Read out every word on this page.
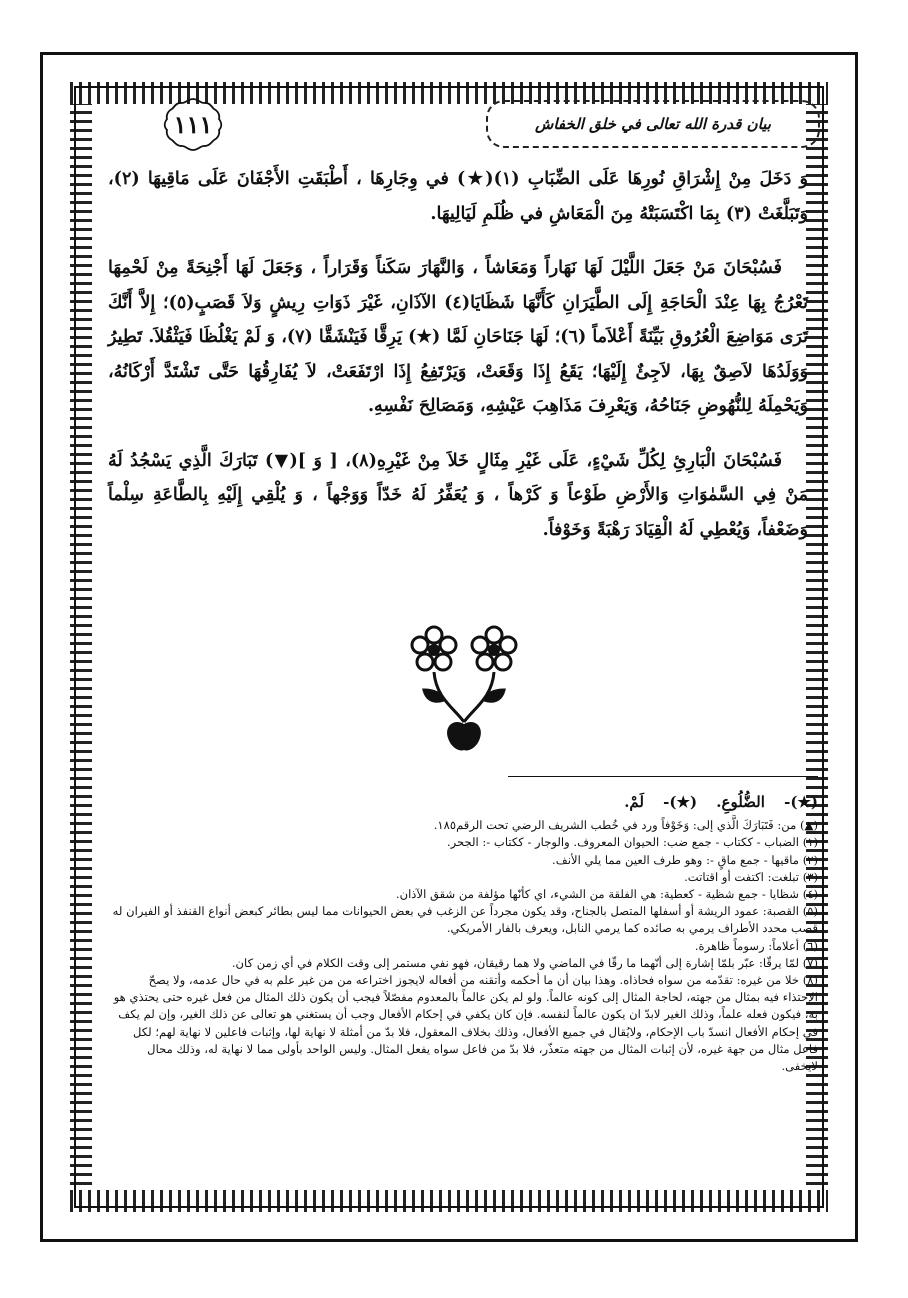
١١١	بيان قدرة الله تعالى في خلق الخفاش

وَ دَخَلَ مِنْ إِشْرَاقِ نُورِهَا عَلَى الضِّبَابِ (١)(★) في وِجَارِهَا ، أَطْبَقَتِ الأَجْفَانَ عَلَى مَاقِيهَا (٢)، وَتَبَلَّغَتْ (٣) بِمَا اكْتَسَبَتْهُ مِنَ الْمَعَاشِ في ظُلَمِ لَيَالِيهَا.

فَسُبْحَانَ مَنْ جَعَلَ اللَّيْلَ لَهَا نَهَاراً وَمَعَاشاً ، وَالنَّهَارَ سَكَناً وَقَرَاراً ، وَجَعَلَ لَهَا أَجْنِحَةً مِنْ لَحْمِهَا تَعْرُجُ بِهَا عِنْدَ الْحَاجَةِ إِلَى الطَّيَرَانِ كَأَنَّهَا شَظَايَا(٤) الآذَانِ، غَيْرَ ذَوَاتِ رِيشٍ وَلاَ قَصَبٍ(٥)؛ إِلاَّ أَنَّكَ تَرَى مَوَاضِعَ الْعُرُوقِ بَيِّنَةً أَعْلاَماً (٦)؛ لَهَا جَنَاحَانِ لَمَّا (★) يَرِقَّا فَيَنْشَقَّا (٧)، وَ لَمْ يَغْلُظَا فَيَثْقُلاَ. تَطِيرُ وَوَلَدُهَا لاَصِقٌ بِهَا، لاَجِئٌ إِلَيْهَا؛ يَقَعُ إِذَا وَقَعَتْ، وَيَرْتَفِعُ إِذَا ارْتَفَعَتْ، لاَ يُفَارِقُهَا حَتَّى تَشْتَدَّ أَرْكَانُهُ، وَيَحْمِلَهُ لِلنُّهُوضِ جَنَاحُهُ، وَيَعْرِفَ مَذَاهِبَ عَيْشِهِ، وَمَصَالِحَ نَفْسِهِ.

فَسُبْحَانَ الْبَارِئِ لِكُلِّ شَيْءٍ، عَلَى غَيْرِ مِثَالٍ خَلاَ مِنْ غَيْرِهِ(٨)، [ وَ ](▼) تَبَارَكَ الَّذِي يَسْجُدُ لَهُ مَنْ فِي السَّمٰوَاتِ وَالأَرْضِ طَوْعاً وَ كَرْهاً ، وَ يُعَفِّرُ لَهُ خَدّاً وَوَجْهاً ، وَ يُلْقِي إِلَيْهِ بِالطَّاعَةِ سِلْماً وَضَعْفاً، وَيُعْطِي لَهُ الْقِيَادَ رَهْبَةً وَخَوْفاً.

(★)- الضُّلُوعِ. (★)- لَمْ.

(▲) من: فَتَبَارَكَ الَّذي إلى: وَخَوْفاً ورد في خُطب الشريف الرضي تحت الرقم١٨٥.

(١) الضباب - ككتاب - جمع ضب: الحيوان المعروف. والوجار - ككتاب -: الجحر.

(٢) ماقيها - جمع ماقٍ -: وهو طرف العين مما يلي الأنف.

(٣) تبلغت: اكتفت أو اقتاتت.

(٤) شظايا - جمع شظية - كعطية: هي الفلقة من الشيء، اي كأنّها مؤلفة من شقق الآذان.

(٥) القصبة: عمود الريشة أو أسفلها المتصل بالجناح، وقد يكون مجرداً عن الزغب في بعض الحيوانات مما ليس بطائر كبعض أنواع القنفذ أو الفيران له قصب محدد الأطراف يرمي به صائده كما يرمي النابل، ويعرف بالفار الأمريكي.

(٦) أعلاماً: رسوماً ظاهرة.

(٧) لمّا يرقّا: عبّر بلمّا إشارة إلى أنّهما ما رقّا في الماضي ولا هما رقيقان، فهو نفي مستمر إلى وقت الكلام في أي زمن كان.

(٨) خلا من غيره: تقدّمه من سواه فحاذاه. وهذا بيان أن ما أحكمه وأتقنه من أفعاله لايجوز اختراعه من من غير علم به في حال عدمه، ولا يصحّ الإحتذاء فيه بمثال من جهته، لحاجة المثال إلى كونه عالماً. ولو لم يكن عالماً بالمعدوم مفصّلاً فيجب أن يكون ذلك المثال من فعل غيره حتى يحتذي هو به، فيكون فعله علماً، وذلك الغير لابدّ ان يكون عالماً لنفسه. فإن كان يكفي في إحكام الأفعال وجب أن يستغني هو تعالى عن ذلك الغير، وإن لم يكف في إحكام الأفعال انسدّ باب الإحكام، ولايُقال في جميع الأفعال، وذلك بخلاف المعقول، فلا بدّ من أمثلة لا نهاية لها، وإثبات فاعلين لا نهاية لهم؛ لكل فاعل مثال من جهة غيره، لأن إثبات المثال من جهته متعذّر، فلا بدّ من فاعل سواه يفعل المثال. وليس الواحد بأولى مما لا نهاية له، وذلك محال لايخفى.
